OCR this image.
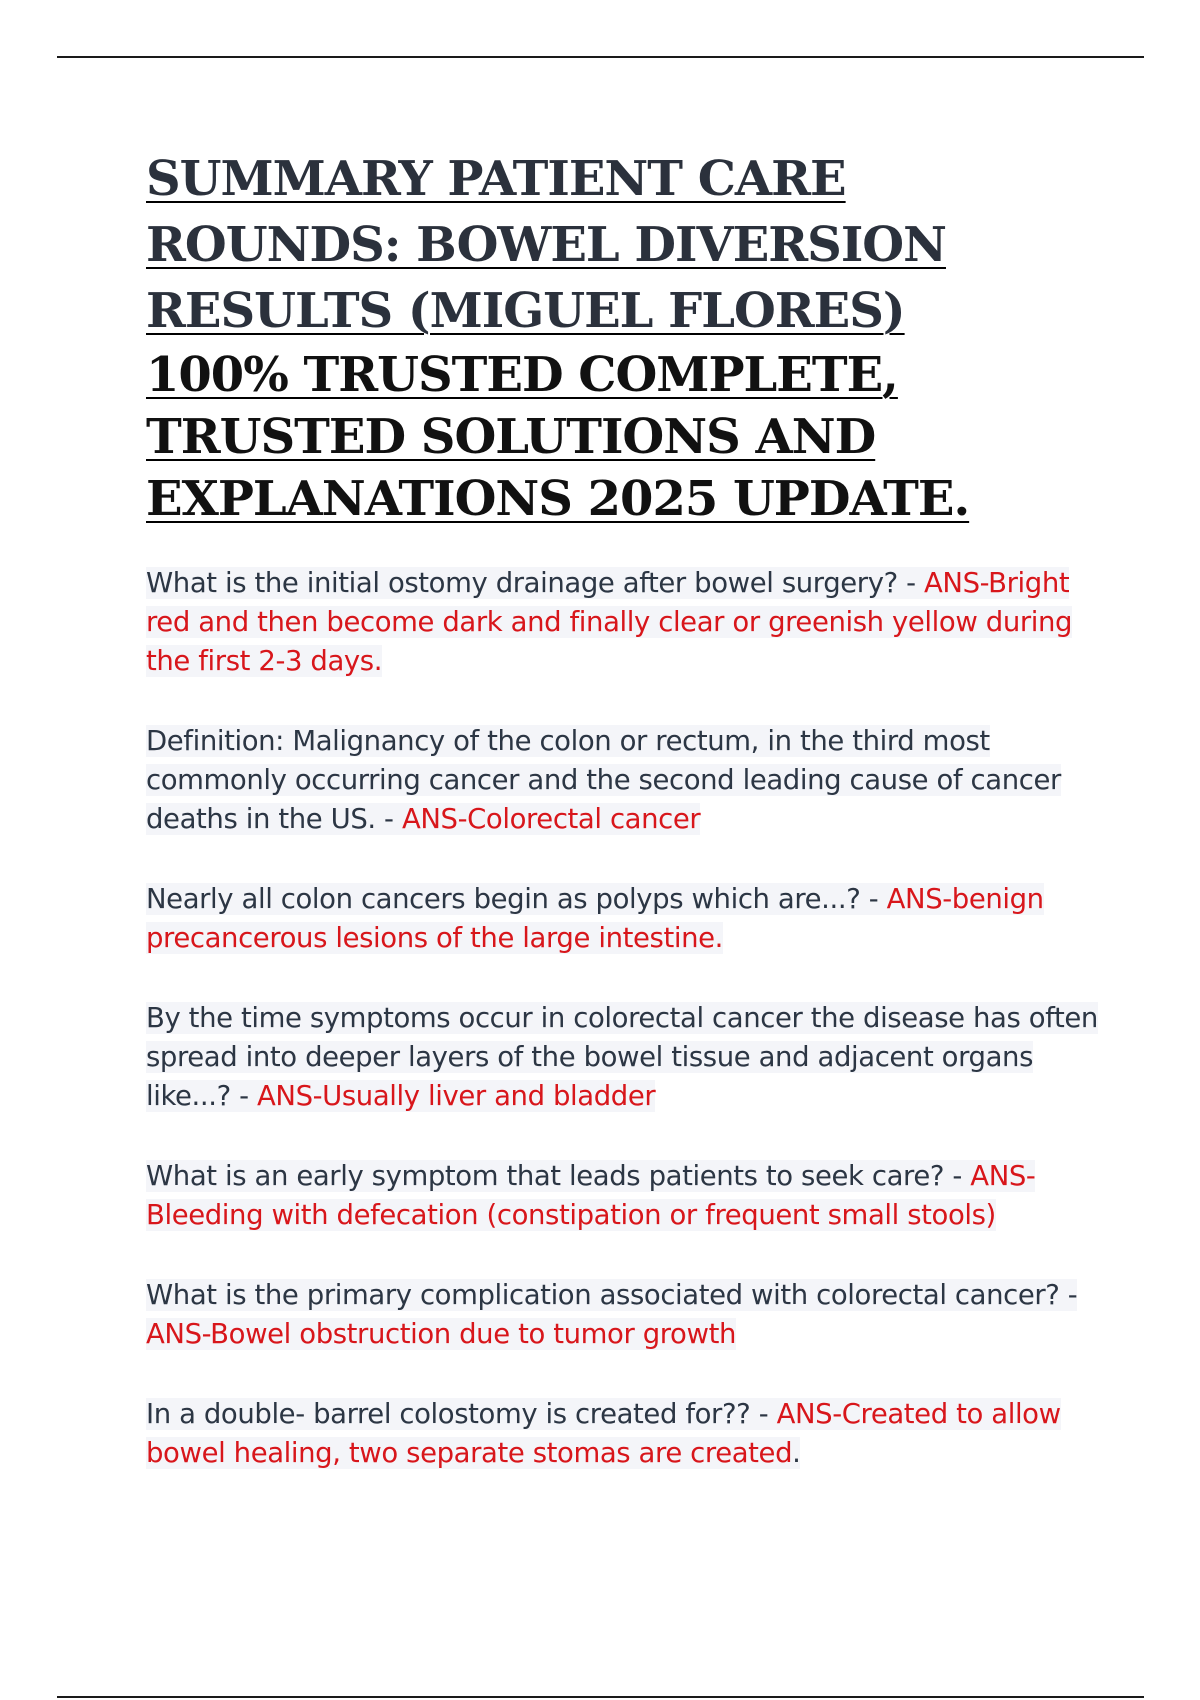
SUMMARY PATIENT CARE
ROUNDS: BOWEL DIVERSION
RESULTS (MIGUEL FLORES)
100% TRUSTED COMPLETE,
TRUSTED SOLUTIONS AND
EXPLANATIONS 2025 UPDATE.

What is the initial ostomy drainage after bowel surgery? - ANS-Bright red and then become dark and finally clear or greenish yellow during the first 2-3 days.

Definition: Malignancy of the colon or rectum, in the third most commonly occurring cancer and the second leading cause of cancer deaths in the US. - ANS-Colorectal cancer

Nearly all colon cancers begin as polyps which are...? - ANS-benign precancerous lesions of the large intestine.

By the time symptoms occur in colorectal cancer the disease has often spread into deeper layers of the bowel tissue and adjacent organs like...? - ANS-Usually liver and bladder

What is an early symptom that leads patients to seek care? - ANS-Bleeding with defecation (constipation or frequent small stools)

What is the primary complication associated with colorectal cancer? - ANS-Bowel obstruction due to tumor growth

In a double- barrel colostomy is created for?? - ANS-Created to allow bowel healing, two separate stomas are created.
